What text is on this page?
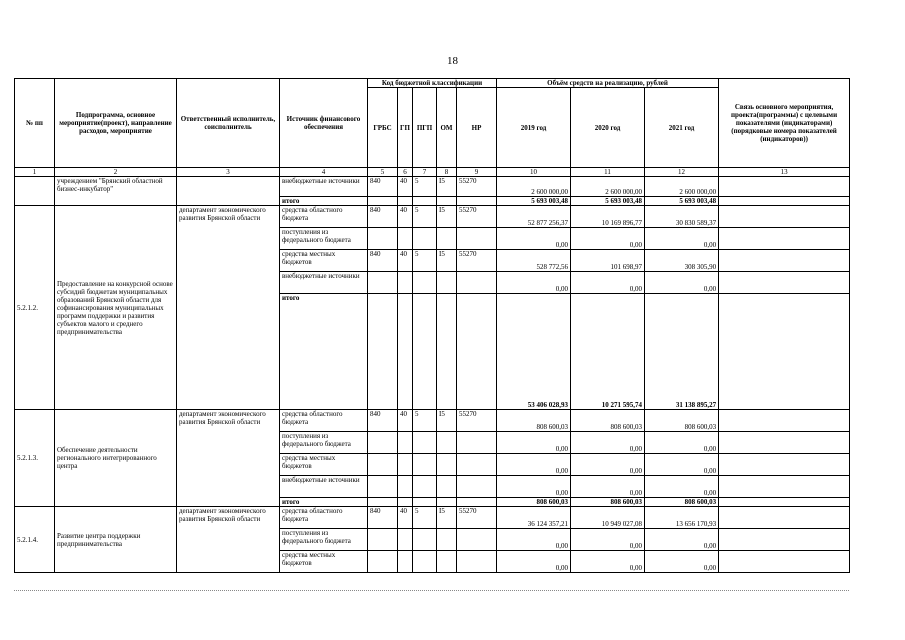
18
№ пп	Подпрограмма, основное мероприятие(проект), направление расходов, мероприятие	Ответственный исполнитель, соисполнитель	Источник финансового обеспечения	Код бюджетной классификации					Объём средств на реализацию, рублей			Связь основного мероприятия, проекта(программы) с целевыми показателями (индикаторами) (порядковые номера показателей (индикаторов))
				ГРБС	ГП	ПГП	ОМ	НР	2019 год	2020 год	2021 год	
1	2	3	4	5	6	7	8	9	10	11	12	13
	учреждением "Брянский областной бизнес-инкубатор"		внебюджетные источники	840	40	5	I5	55270	2 600 000,00	2 600 000,00	2 600 000,00	
			итого						5 693 003,48	5 693 003,48	5 693 003,48	
5.2.1.2.	Предоставление на конкурсной основе субсидий бюджетам муниципальных образований Брянской области для софинансирования муниципальных программ поддержки и развития субъектов малого и среднего предпринимательства	департамент экономического развития Брянской области	средства областного бюджета	840	40	5	I5	55270	52 877 256,37	10 169 896,77	30 830 589,37	
			поступления из федерального бюджета						0,00	0,00	0,00	
			средства местных бюджетов	840	40	5	I5	55270	528 772,56	101 698,97	308 305,90	
			внебюджетные источники						0,00	0,00	0,00	
			итого						53 406 028,93	10 271 595,74	31 138 895,27	
5.2.1.3.	Обеспечение деятельности регионального интегрированного центра	департамент экономического развития Брянской области	средства областного бюджета	840	40	5	I5	55270	808 600,03	808 600,03	808 600,03	
			поступления из федерального бюджета						0,00	0,00	0,00	
			средства местных бюджетов						0,00	0,00	0,00	
			внебюджетные источники						0,00	0,00	0,00	
			итого						808 600,03	808 600,03	808 600,03	
5.2.1.4.	Развитие центра поддержки предпринимательства	департамент экономического развития Брянской области	средства областного бюджета	840	40	5	I5	55270	36 124 357,21	10 949 027,08	13 656 170,93	
			поступления из федерального бюджета						0,00	0,00	0,00	
			средства местных бюджетов						0,00	0,00	0,00	
